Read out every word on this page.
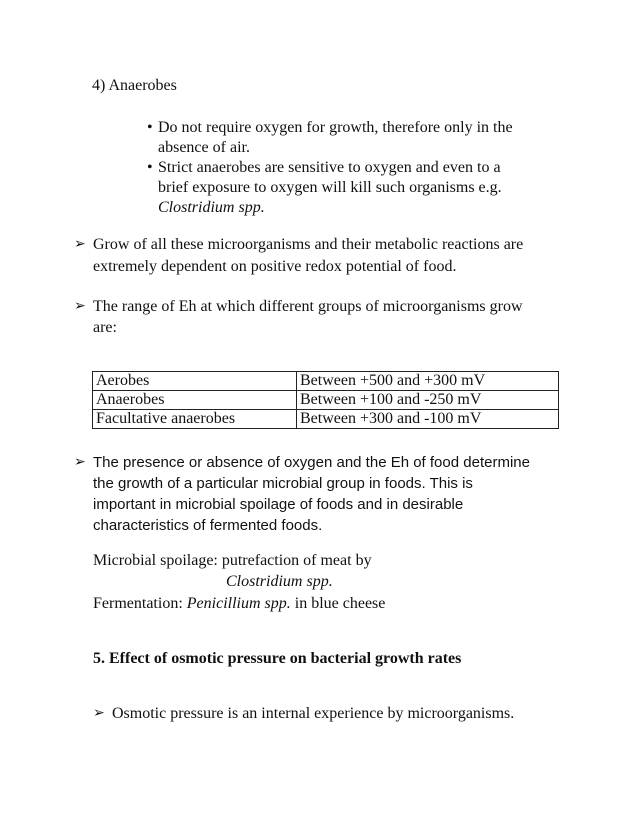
4) Anaerobes
• Do not require oxygen for growth, therefore only in the
absence of air.
• Strict anaerobes are sensitive to oxygen and even to a
brief exposure to oxygen will kill such organisms e.g.
Clostridium spp.
➢ Grow of all these microorganisms and their metabolic reactions are
extremely dependent on positive redox potential of food.
➢ The range of Eh at which different groups of microorganisms grow
are:
Aerobes	Between +500 and +300 mV
Anaerobes	Between +100 and -250 mV
Facultative anaerobes	Between +300 and -100 mV
➢ The presence or absence of oxygen and the Eh of food determine
the growth of a particular microbial group in foods. This is
important in microbial spoilage of foods and in desirable
characteristics of fermented foods.
Microbial spoilage: putrefaction of meat by
Clostridium spp.
Fermentation: Penicillium spp. in blue cheese
5. Effect of osmotic pressure on bacterial growth rates
➢ Osmotic pressure is an internal experience by microorganisms.
